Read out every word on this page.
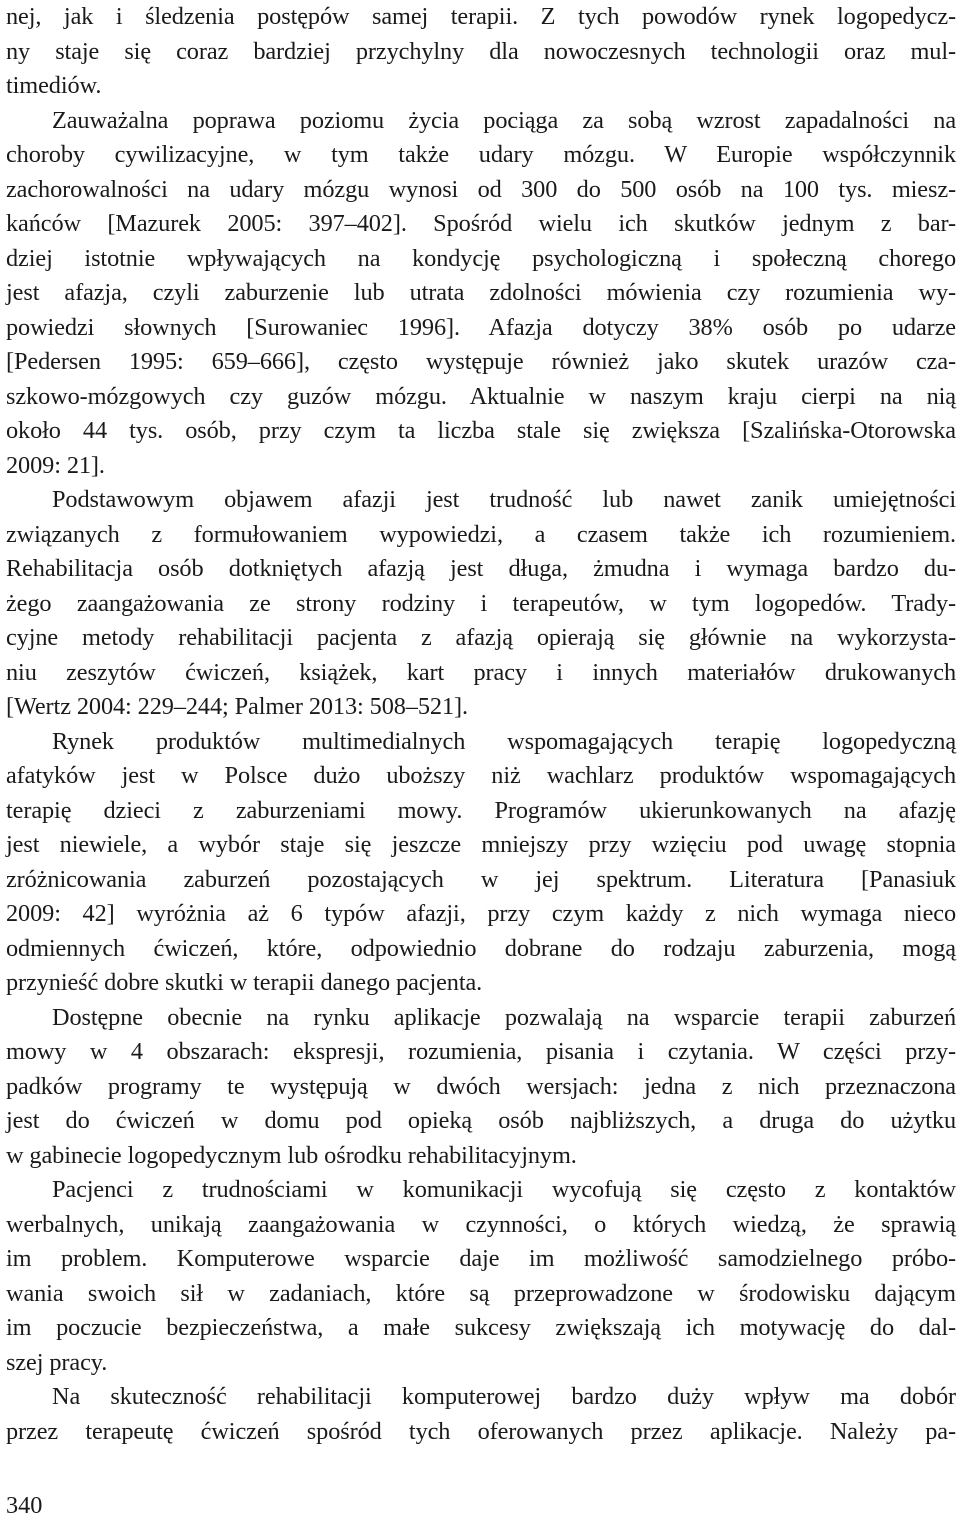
nej, jak i śledzenia postępów samej terapii. Z tych powodów rynek logopedycz-
ny staje się coraz bardziej przychylny dla nowoczesnych technologii oraz mul-
timediów.
Zauważalna poprawa poziomu życia pociąga za sobą wzrost zapadalności na
choroby cywilizacyjne, w tym także udary mózgu. W Europie współczynnik
zachorowalności na udary mózgu wynosi od 300 do 500 osób na 100 tys. miesz-
kańców [Mazurek 2005: 397–402]. Spośród wielu ich skutków jednym z bar-
dziej istotnie wpływających na kondycję psychologiczną i społeczną chorego
jest afazja, czyli zaburzenie lub utrata zdolności mówienia czy rozumienia wy-
powiedzi słownych [Surowaniec 1996]. Afazja dotyczy 38% osób po udarze
[Pedersen 1995: 659–666], często występuje również jako skutek urazów cza-
szkowo-mózgowych czy guzów mózgu. Aktualnie w naszym kraju cierpi na nią
około 44 tys. osób, przy czym ta liczba stale się zwiększa [Szalińska-Otorowska
2009: 21].
Podstawowym objawem afazji jest trudność lub nawet zanik umiejętności
związanych z formułowaniem wypowiedzi, a czasem także ich rozumieniem.
Rehabilitacja osób dotkniętych afazją jest długa, żmudna i wymaga bardzo du-
żego zaangażowania ze strony rodziny i terapeutów, w tym logopedów. Trady-
cyjne metody rehabilitacji pacjenta z afazją opierają się głównie na wykorzysta-
niu zeszytów ćwiczeń, książek, kart pracy i innych materiałów drukowanych
[Wertz 2004: 229–244; Palmer 2013: 508–521].
Rynek produktów multimedialnych wspomagających terapię logopedyczną
afatyków jest w Polsce dużo uboższy niż wachlarz produktów wspomagających
terapię dzieci z zaburzeniami mowy. Programów ukierunkowanych na afazję
jest niewiele, a wybór staje się jeszcze mniejszy przy wzięciu pod uwagę stopnia
zróżnicowania zaburzeń pozostających w jej spektrum. Literatura [Panasiuk
2009: 42] wyróżnia aż 6 typów afazji, przy czym każdy z nich wymaga nieco
odmiennych ćwiczeń, które, odpowiednio dobrane do rodzaju zaburzenia, mogą
przynieść dobre skutki w terapii danego pacjenta.
Dostępne obecnie na rynku aplikacje pozwalają na wsparcie terapii zaburzeń
mowy w 4 obszarach: ekspresji, rozumienia, pisania i czytania. W części przy-
padków programy te występują w dwóch wersjach: jedna z nich przeznaczona
jest do ćwiczeń w domu pod opieką osób najbliższych, a druga do użytku
w gabinecie logopedycznym lub ośrodku rehabilitacyjnym.
Pacjenci z trudnościami w komunikacji wycofują się często z kontaktów
werbalnych, unikają zaangażowania w czynności, o których wiedzą, że sprawią
im problem. Komputerowe wsparcie daje im możliwość samodzielnego próbo-
wania swoich sił w zadaniach, które są przeprowadzone w środowisku dającym
im poczucie bezpieczeństwa, a małe sukcesy zwiększają ich motywację do dal-
szej pracy.
Na skuteczność rehabilitacji komputerowej bardzo duży wpływ ma dobór
przez terapeutę ćwiczeń spośród tych oferowanych przez aplikacje. Należy pa-
340
